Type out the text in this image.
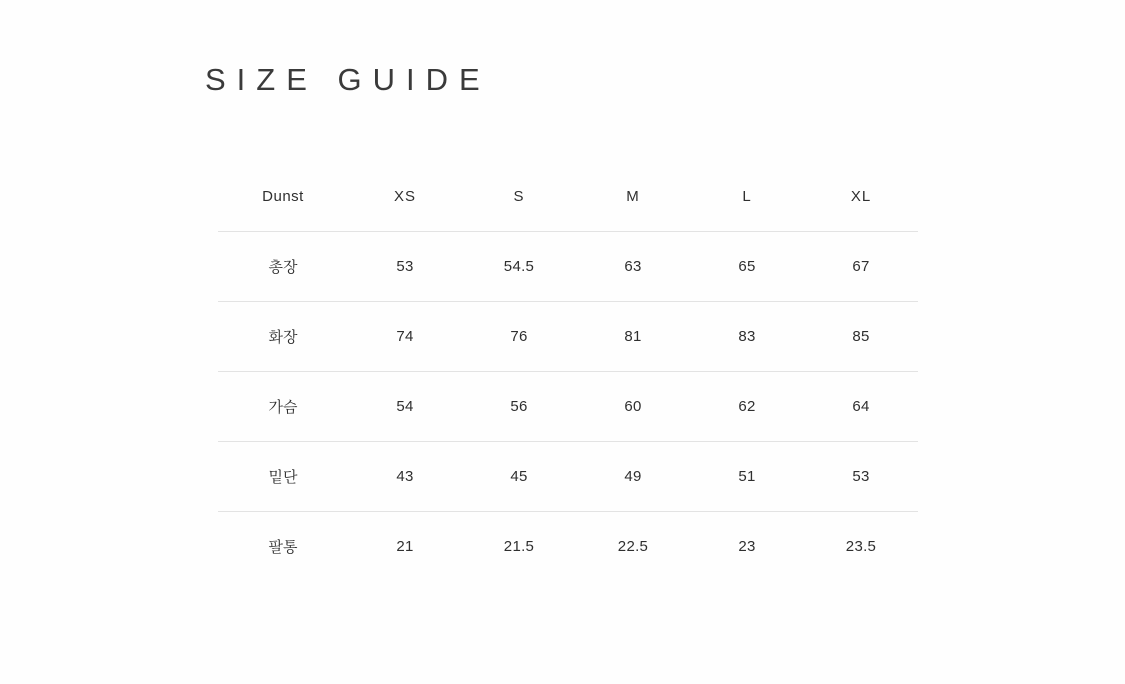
SIZE GUIDE
Dunst	XS	S	M	L	XL
총장	53	54.5	63	65	67
화장	74	76	81	83	85
가슴	54	56	60	62	64
밑단	43	45	49	51	53
팔통	21	21.5	22.5	23	23.5
